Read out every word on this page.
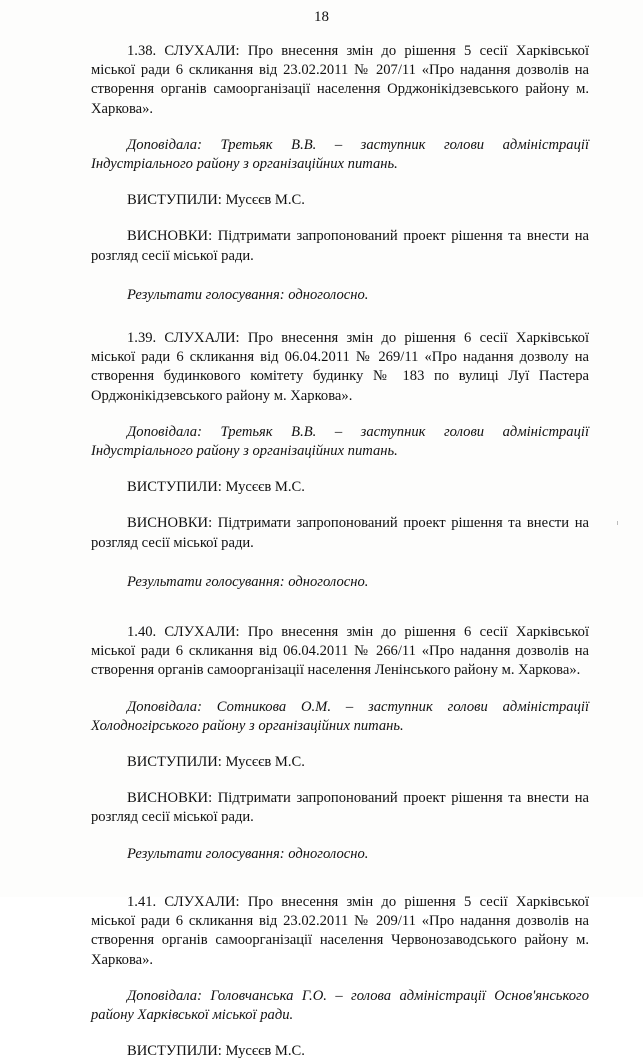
18

1.38. СЛУХАЛИ: Про внесення змін до рішення 5 сесії Харківської міської ради 6 скликання від 23.02.2011 № 207/11 «Про надання дозволів на створення органів самоорганізації населення Орджонікідзевського району м. Харкова».

Доповідала: Третьяк В.В. – заступник голови адміністрації Індустріального району з організаційних питань.

ВИСТУПИЛИ: Мусєєв М.С.

ВИСНОВКИ: Підтримати запропонований проект рішення та внести на розгляд сесії міської ради.

Результати голосування: одноголосно.

1.39. СЛУХАЛИ: Про внесення змін до рішення 6 сесії Харківської міської ради 6 скликання від 06.04.2011 № 269/11 «Про надання дозволу на створення будинкового комітету будинку № 183 по вулиці Луї Пастера Орджонікідзевського району м. Харкова».

Доповідала: Третьяк В.В. – заступник голови адміністрації Індустріального району з організаційних питань.

ВИСТУПИЛИ: Мусєєв М.С.

ВИСНОВКИ: Підтримати запропонований проект рішення та внести на розгляд сесії міської ради.

Результати голосування: одноголосно.

1.40. СЛУХАЛИ: Про внесення змін до рішення 6 сесії Харківської міської ради 6 скликання від 06.04.2011 № 266/11 «Про надання дозволів на створення органів самоорганізації населення Ленінського району м. Харкова».

Доповідала: Сотникова О.М. – заступник голови адміністрації Холодногірського району з організаційних питань.

ВИСТУПИЛИ: Мусєєв М.С.

ВИСНОВКИ: Підтримати запропонований проект рішення та внести на розгляд сесії міської ради.

Результати голосування: одноголосно.

1.41. СЛУХАЛИ: Про внесення змін до рішення 5 сесії Харківської міської ради 6 скликання від 23.02.2011 № 209/11 «Про надання дозволів на створення органів самоорганізації населення Червонозаводського району м. Харкова».

Доповідала: Головчанська Г.О. – голова адміністрації Основ'янського району Харківської міської ради.

ВИСТУПИЛИ: Мусєєв М.С.
